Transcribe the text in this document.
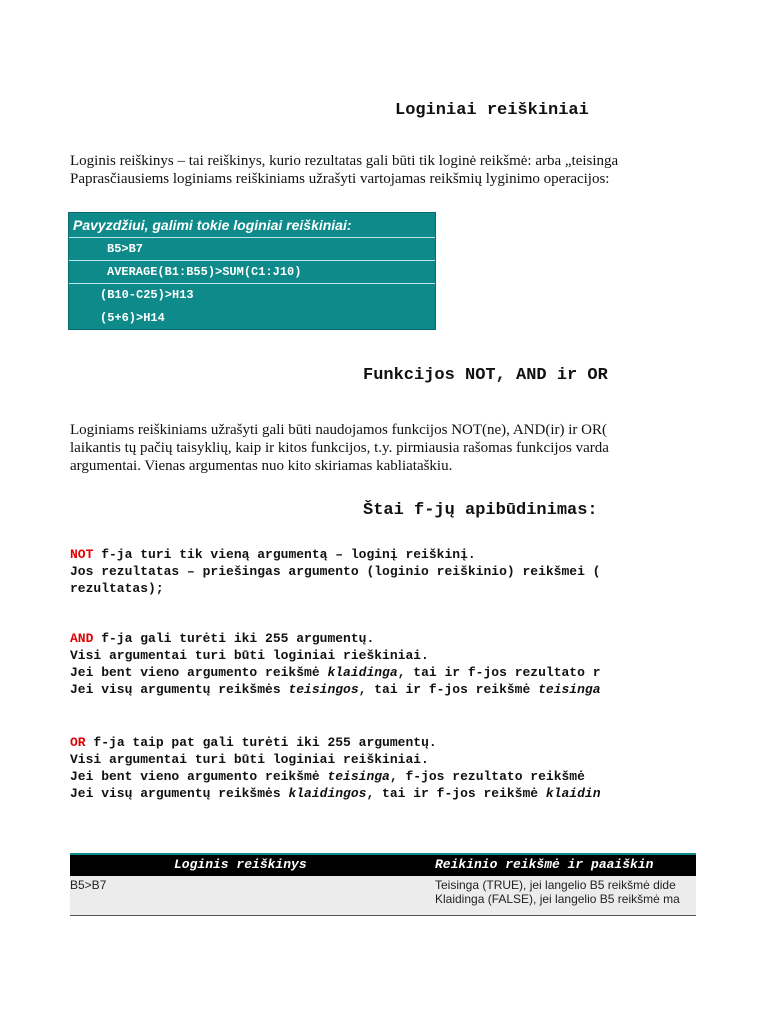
Loginiai reiškiniai
Loginis reiškinys – tai reiškinys, kurio rezultatas gali būti tik loginė reikšmė: arba „teisinga
Paprasčiausiems loginiams reiškiniams užrašyti vartojamas reikšmių lyginimo operacijos:
Pavyzdžiui, galimi tokie loginiai reiškiniai:
B5>B7
AVERAGE(B1:B55)>SUM(C1:J10)
(B10-C25)>H13
(5+6)>H14
Funkcijos NOT, AND ir OR
Loginiams reiškiniams užrašyti gali būti naudojamos funkcijos NOT(ne), AND(ir) ir OR(
laikantis tų pačių taisyklių, kaip ir kitos funkcijos, t.y. pirmiausia rašomas funkcijos varda
argumentai. Vienas argumentas nuo kito skiriamas kabliataškiu.
Štai f-jų apibūdinimas:
NOT f-ja turi tik vieną argumentą – loginį reiškinį.
Jos rezultatas – priešingas argumento (loginio reiškinio) reikšmei (
rezultatas);
AND f-ja gali turėti iki 255 argumentų.
Visi argumentai turi būti loginiai rieškiniai.
Jei bent vieno argumento reikšmė klaidinga, tai ir f-jos rezultato r
Jei visų argumentų reikšmės teisingos, tai ir f-jos reikšmė teisinga
OR f-ja taip pat gali turėti iki 255 argumentų.
Visi argumentai turi būti loginiai reiškiniai.
Jei bent vieno argumento reikšmė teisinga, f-jos rezultato reikšmė
Jei visų argumentų reikšmės klaidingos, tai ir f-jos reikšmė klaidin
Loginis reiškinys	Reikinio reikšmė ir paaiškin
B5>B7	Teisinga (TRUE), jei langelio B5 reikšmė dide
Klaidinga (FALSE), jei langelio B5 reikšmė ma
